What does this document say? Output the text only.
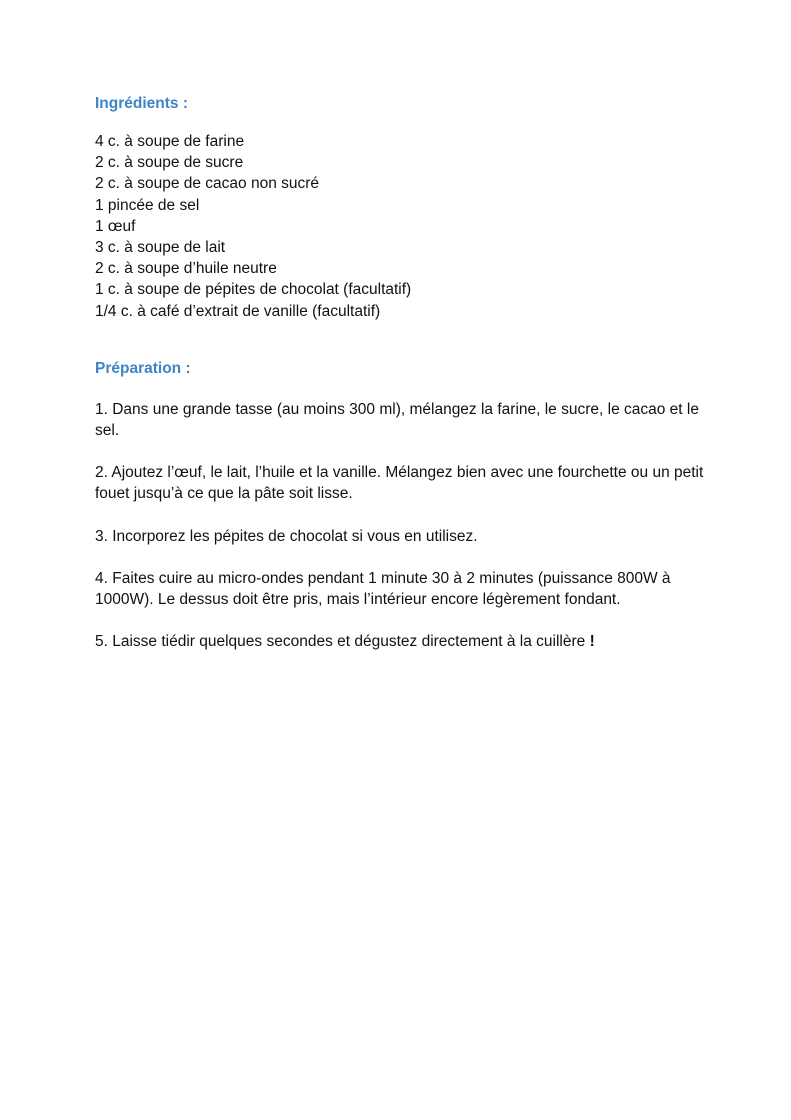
Ingrédients :
4 c. à soupe de farine
2 c. à soupe de sucre
2 c. à soupe de cacao non sucré
1 pincée de sel
1 œuf
3 c. à soupe de lait
2 c. à soupe d’huile neutre
1 c. à soupe de pépites de chocolat (facultatif)
1/4 c. à café d’extrait de vanille (facultatif)
Préparation :

1. Dans une grande tasse (au moins 300 ml), mélangez la farine, le sucre, le cacao et le sel.

2. Ajoutez l’œuf, le lait, l’huile et la vanille. Mélangez bien avec une fourchette ou un petit fouet jusqu’à ce que la pâte soit lisse.

3. Incorporez les pépites de chocolat si vous en utilisez.

4. Faites cuire au micro-ondes pendant 1 minute 30 à 2 minutes (puissance 800W à 1000W). Le dessus doit être pris, mais l’intérieur encore légèrement fondant.

5. Laisse tiédir quelques secondes et dégustez directement à la cuillère !
